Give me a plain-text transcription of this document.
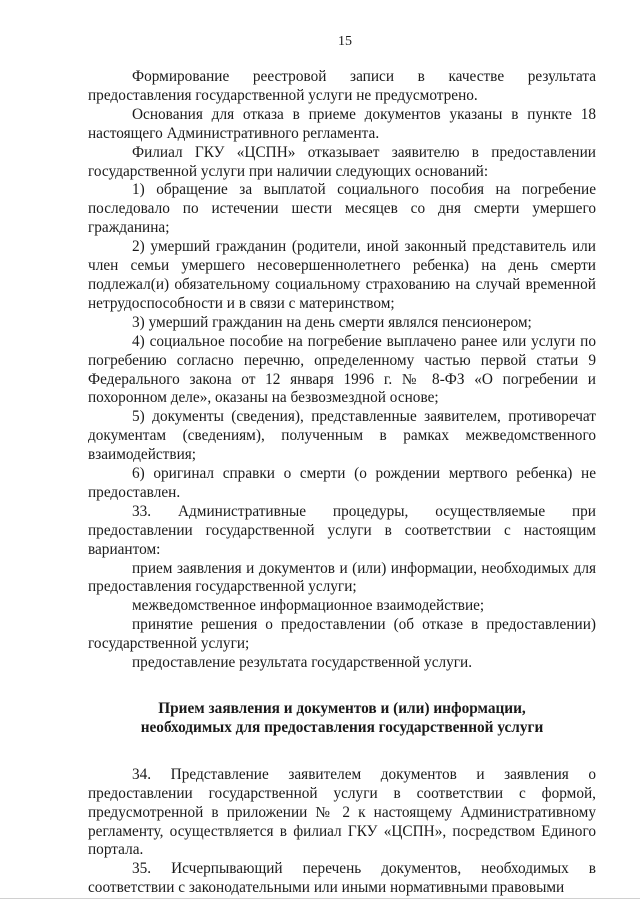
15

Формирование реестровой записи в качестве результата предоставления государственной услуги не предусмотрено.

Основания для отказа в приеме документов указаны в пункте 18 настоящего Административного регламента.

Филиал ГКУ «ЦСПН» отказывает заявителю в предоставлении государственной услуги при наличии следующих оснований:

1) обращение за выплатой социального пособия на погребение последовало по истечении шести месяцев со дня смерти умершего гражданина;

2) умерший гражданин (родители, иной законный представитель или член семьи умершего несовершеннолетнего ребенка) на день смерти подлежал(и) обязательному социальному страхованию на случай временной нетрудоспособности и в связи с материнством;

3) умерший гражданин на день смерти являлся пенсионером;

4) социальное пособие на погребение выплачено ранее или услуги по погребению согласно перечню, определенному частью первой статьи 9 Федерального закона от 12 января 1996 г. № 8-ФЗ «О погребении и похоронном деле», оказаны на безвозмездной основе;

5) документы (сведения), представленные заявителем, противоречат документам (сведениям), полученным в рамках межведомственного взаимодействия;

6) оригинал справки о смерти (о рождении мертвого ребенка) не предоставлен.

33. Административные процедуры, осуществляемые при предоставлении государственной услуги в соответствии с настоящим вариантом:

прием заявления и документов и (или) информации, необходимых для предоставления государственной услуги;

межведомственное информационное взаимодействие;

принятие решения о предоставлении (об отказе в предоставлении) государственной услуги;

предоставление результата государственной услуги.

Прием заявления и документов и (или) информации,
необходимых для предоставления государственной услуги

34. Представление заявителем документов и заявления о предоставлении государственной услуги в соответствии с формой, предусмотренной в приложении № 2 к настоящему Административному регламенту, осуществляется в филиал ГКУ «ЦСПН», посредством Единого портала.

35. Исчерпывающий перечень документов, необходимых в соответствии с законодательными или иными нормативными правовыми
